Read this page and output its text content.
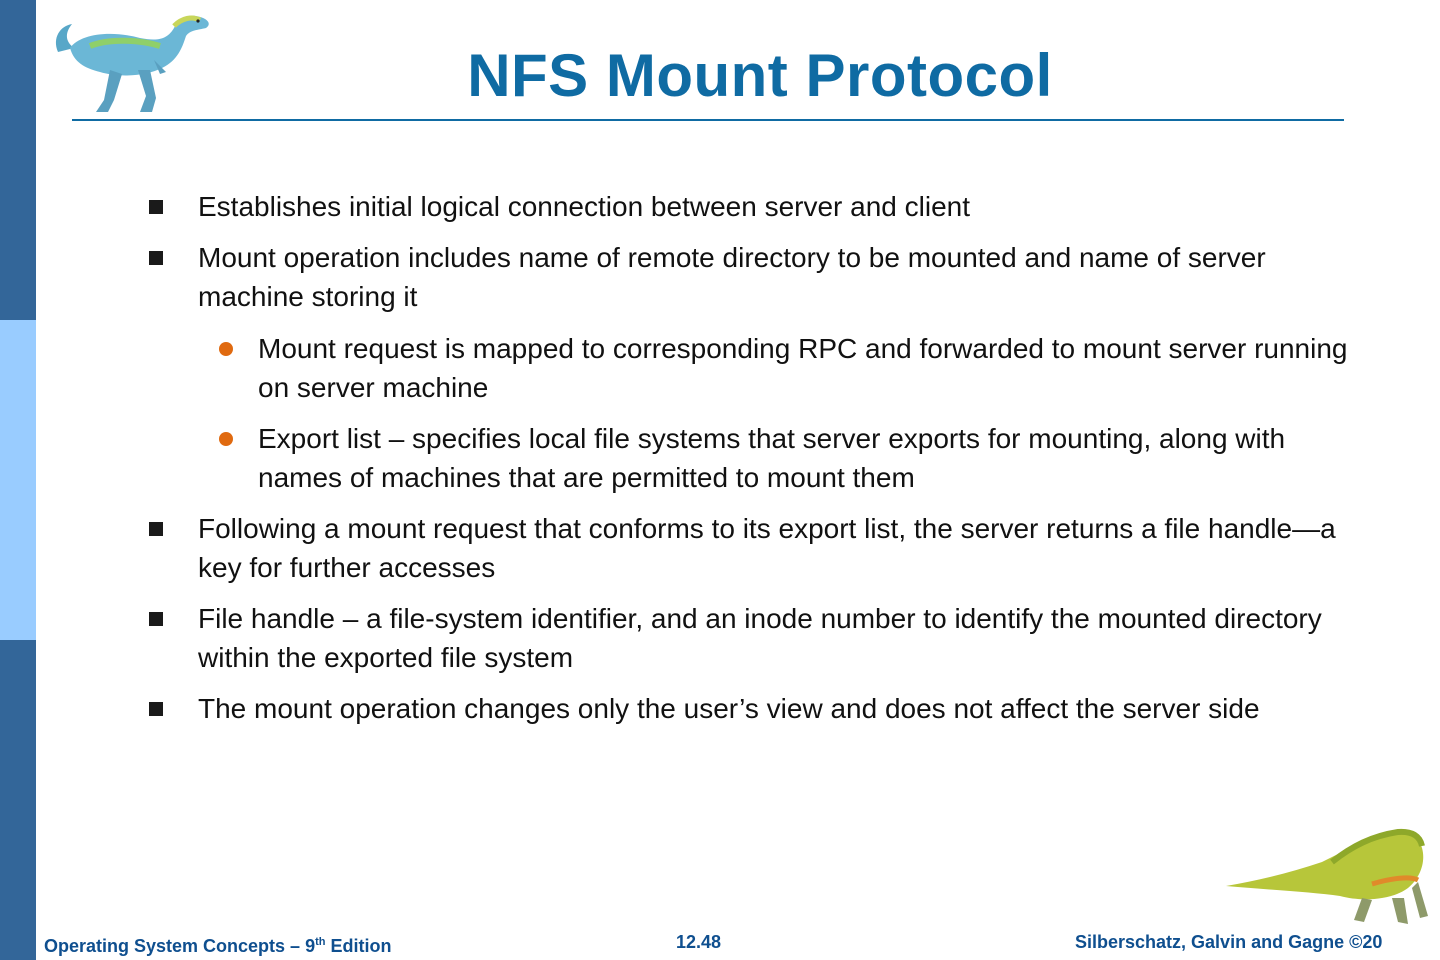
NFS Mount Protocol
Establishes initial logical connection between server and client
Mount operation includes name of remote directory to be mounted and name of server machine storing it
Mount request is mapped to corresponding RPC and forwarded to mount server running on server machine
Export list – specifies local file systems that server exports for mounting, along with names of machines that are permitted to mount them
Following a mount request that conforms to its export list, the server returns a file handle—a key for further accesses
File handle – a file-system identifier, and an inode number to identify the mounted directory within the exported file system
The mount operation changes only the user’s view and does not affect the server side
Operating System Concepts – 9th Edition	12.48	Silberschatz, Galvin and Gagne ©20
